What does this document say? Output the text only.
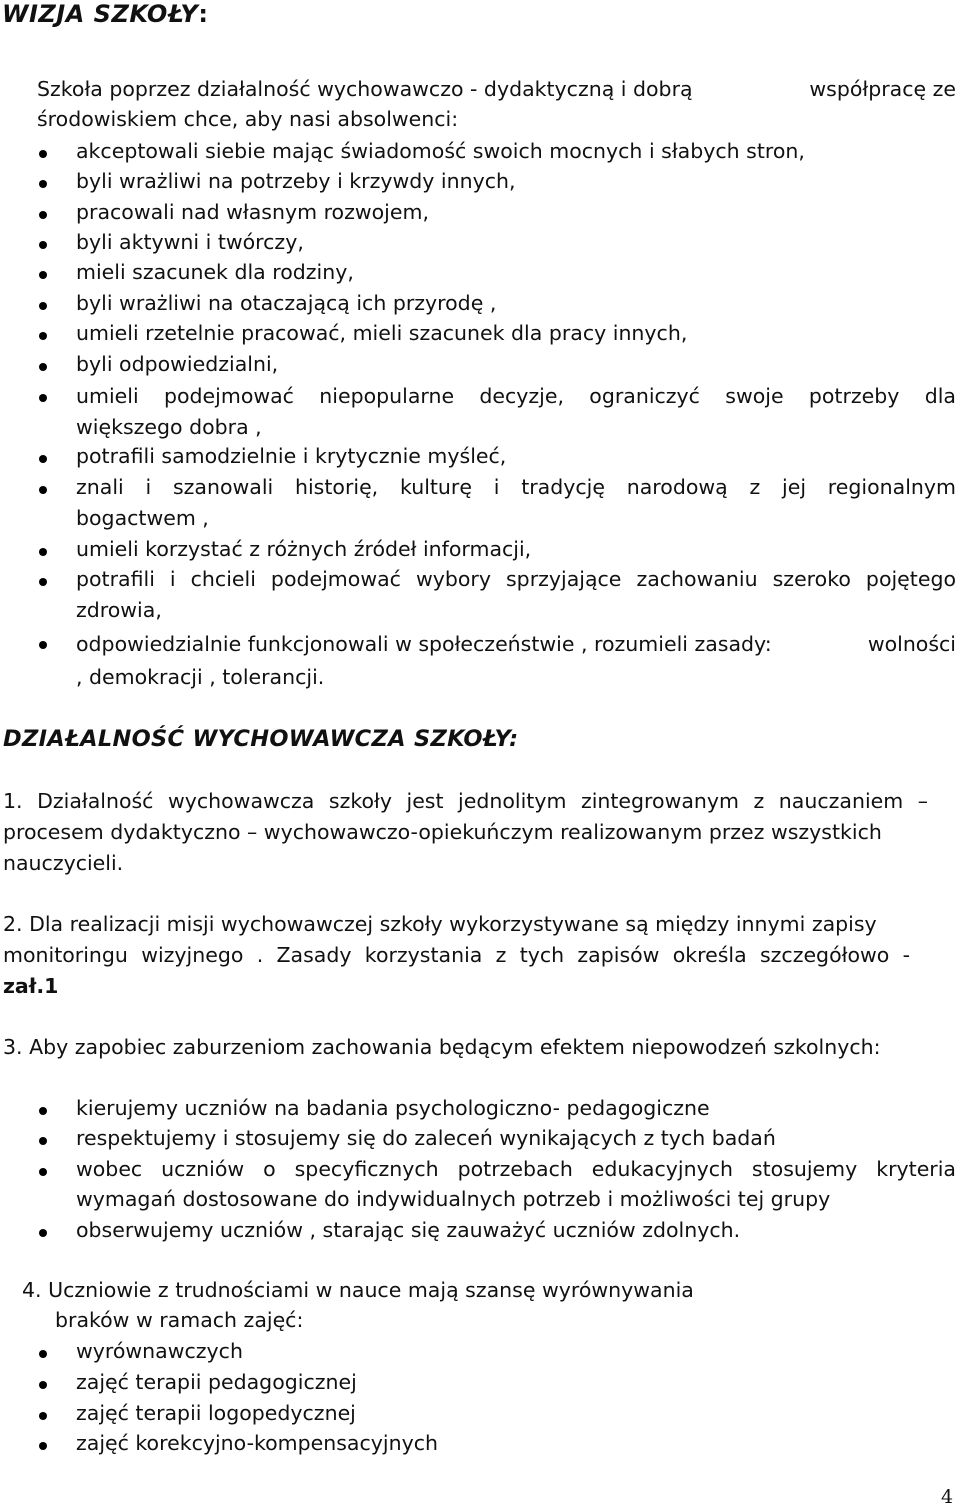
WIZJA SZKOŁY:
Szkoła poprzez działalność wychowawczo - dydaktyczną i dobrą	współpracę ze
środowiskiem chce, aby nasi absolwenci:
akceptowali siebie mając świadomość swoich mocnych i słabych stron,
byli wrażliwi na potrzeby i krzywdy innych,
pracowali nad własnym rozwojem,
byli aktywni i twórczy,
mieli szacunek dla rodziny,
byli wrażliwi na otaczającą ich przyrodę ,
umieli rzetelnie pracować, mieli szacunek dla pracy innych,
byli odpowiedzialni,
umieli podejmować niepopularne decyzje, ograniczyć swoje potrzeby dla
większego dobra ,
potrafili samodzielnie i krytycznie myśleć,
znali i szanowali historię, kulturę i tradycję narodową z jej regionalnym
bogactwem ,
umieli korzystać z różnych źródeł informacji,
potrafili i chcieli podejmować wybory sprzyjające zachowaniu szeroko pojętego
zdrowia,
odpowiedzialnie funkcjonowali w społeczeństwie , rozumieli zasady:	wolności
, demokracji , tolerancji.
DZIAŁALNOŚĆ WYCHOWAWCZA SZKOŁY:
1. Działalność wychowawcza szkoły jest jednolitym zintegrowanym z nauczaniem –
procesem dydaktyczno – wychowawczo-opiekuńczym realizowanym przez wszystkich
nauczycieli.
2. Dla realizacji misji wychowawczej szkoły wykorzystywane są między innymi zapisy
monitoringu wizyjnego . Zasady korzystania z tych zapisów określa szczegółowo -
zał.1
3. Aby zapobiec zaburzeniom zachowania będącym efektem niepowodzeń szkolnych:
kierujemy uczniów na badania psychologiczno- pedagogiczne
respektujemy i stosujemy się do zaleceń wynikających z tych badań
wobec uczniów o specyficznych potrzebach edukacyjnych stosujemy kryteria
wymagań dostosowane do indywidualnych potrzeb i możliwości tej grupy
obserwujemy uczniów , starając się zauważyć uczniów zdolnych.
4. Uczniowie z trudnościami w nauce mają szansę wyrównywania
braków w ramach zajęć:
wyrównawczych
zajęć terapii pedagogicznej
zajęć terapii logopedycznej
zajęć korekcyjno-kompensacyjnych
4
